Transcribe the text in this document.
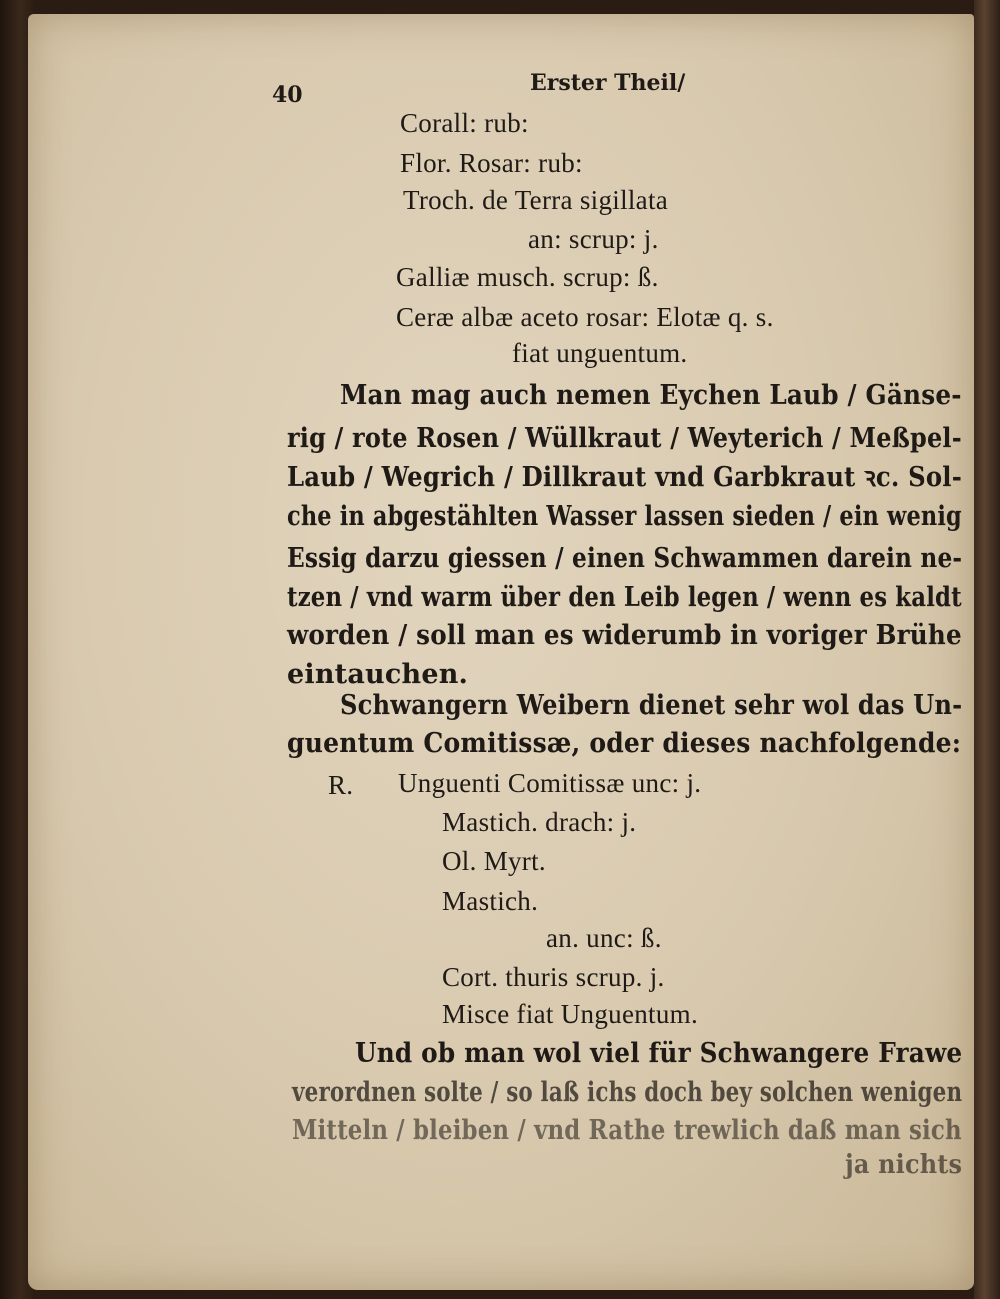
40	Erster Theil/
Corall: rub:
Flor. Rosar: rub:
Troch. de Terra sigillata
an: scrup: j.
Galliæ musch. scrup: ß.
Ceræ albæ aceto rosar: Elotæ q. s.
fiat unguentum.
Man mag auch nemen Eychen Laub / Gänse-
rig / rote Rosen / Wüllkraut / Weyterich / Meßpel-
Laub / Wegrich / Dillkraut vnd Garbkraut ꝛc. Sol-
che in abgestählten Wasser lassen sieden / ein wenig
Essig darzu giessen / einen Schwammen darein ne-
tzen / vnd warm über den Leib legen / wenn es kaldt
worden / soll man es widerumb in voriger Brühe
eintauchen.
Schwangern Weibern dienet sehr wol das Un-
guentum Comitissæ, oder dieses nachfolgende:
R. Unguenti Comitissæ unc: j.
Mastich. drach: j.
Ol. Myrt.
Mastich.
an. unc: ß.
Cort. thuris scrup. j.
Misce fiat Unguentum.
Und ob man wol viel für Schwangere Frawe
verordnen solte / so laß ichs doch bey solchen wenigen
Mitteln / bleiben / vnd Rathe trewlich daß man sich
ja nichts
